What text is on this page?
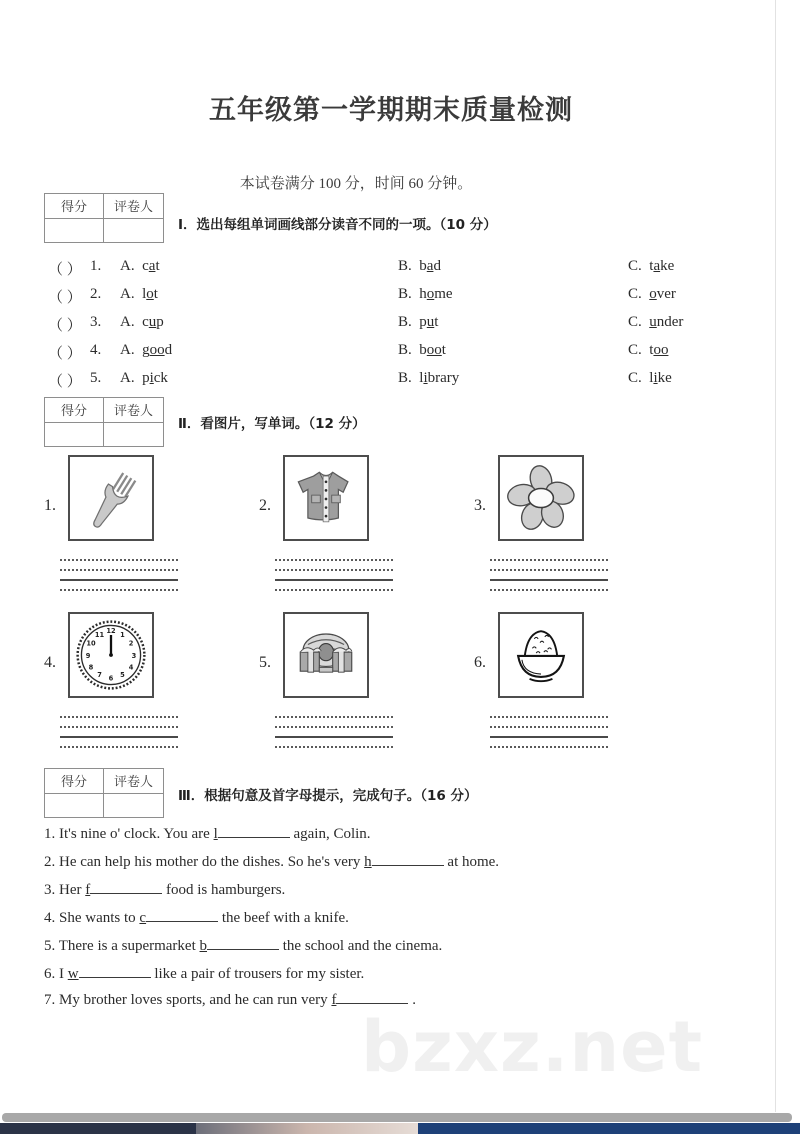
bzxz.net
五年级第一学期期末质量检测
本试卷满分 100 分，时间 60 分钟。
得分	评卷人
Ⅰ．选出每组单词画线部分读音不同的一项。（10 分）
（ ） 1. A. cat	B. bad	C. take
（ ） 2. A. lot	B. home	C. over
（ ） 3. A. cup	B. put	C. under
（ ） 4. A. good	B. boot	C. too
（ ） 5. A. pick	B. library	C. like
得分	评卷人
Ⅱ．看图片，写单词。（12 分）
1.	2.	3.
4.
12 1
2
3
4
5
6
7
8
9
10
11
5.	6.
得分	评卷人
Ⅲ．根据句意及首字母提示，完成句子。（16 分）
1. It's nine o' clock. You are l	again, Colin.
2. He can help his mother do the dishes. So he's very h	at home.
3. Her f	food is hamburgers.
4. She wants to c	the beef with a knife.
5. There is a supermarket b	the school and the cinema.
6. I w	like a pair of trousers for my sister.
7. My brother loves sports, and he can run very f	.
